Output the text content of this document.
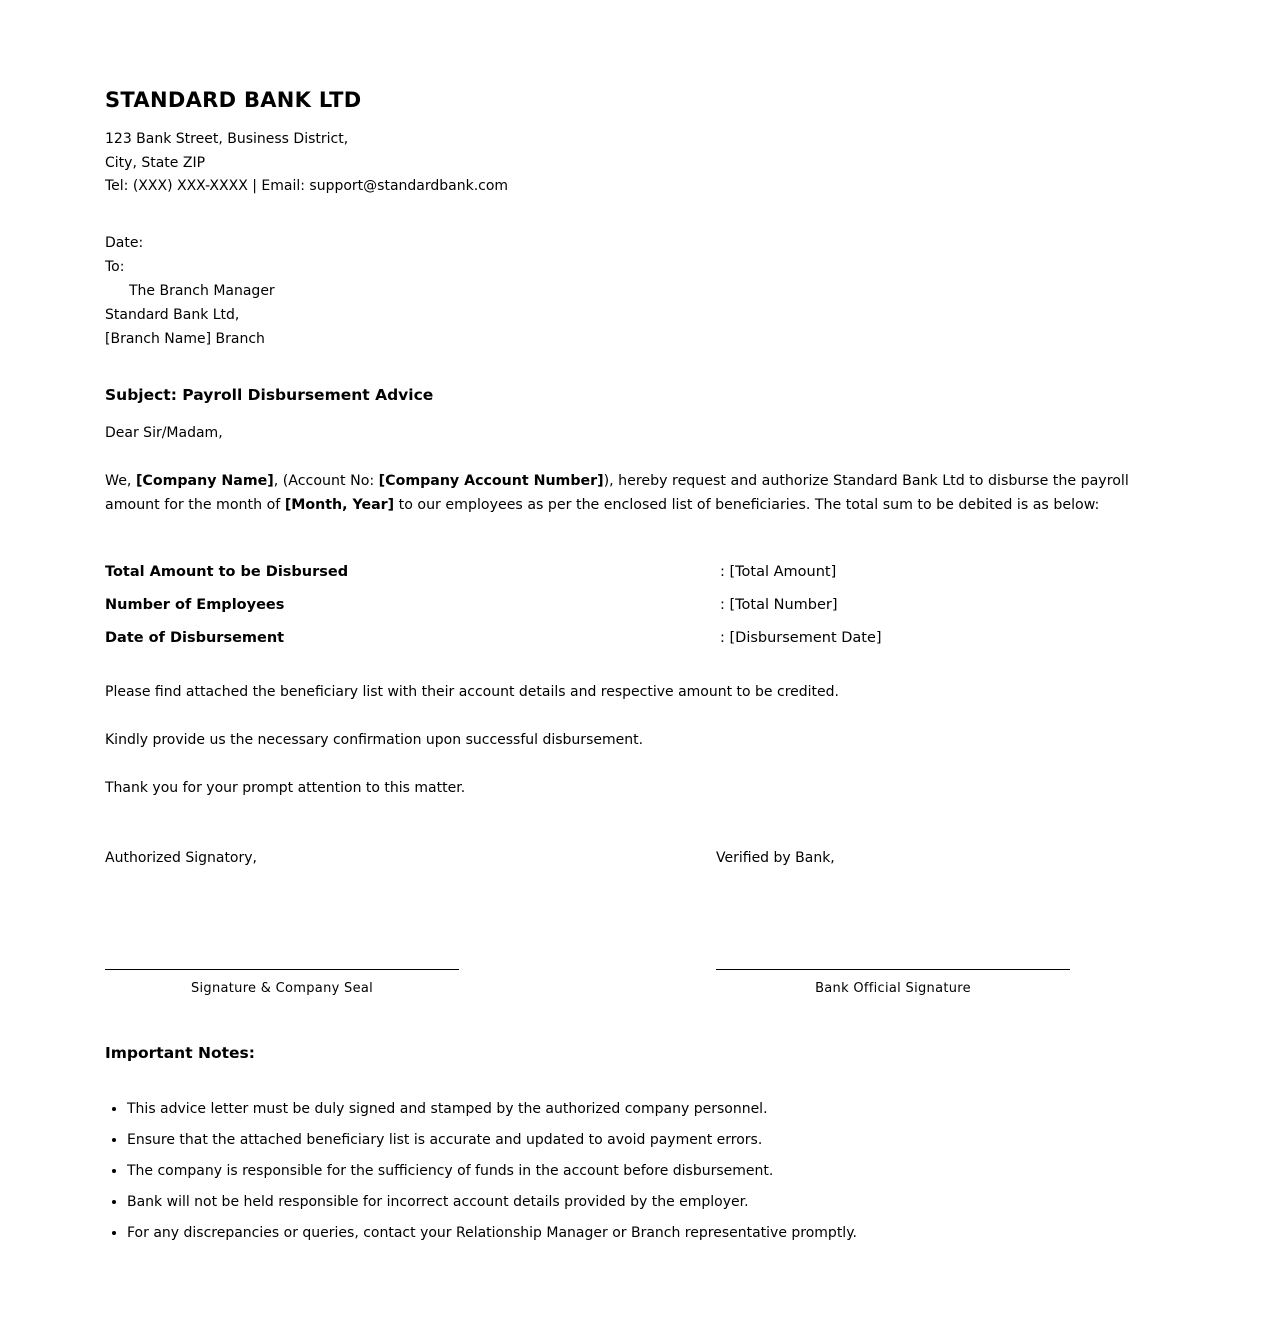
STANDARD BANK LTD
123 Bank Street, Business District,
City, State ZIP
Tel: (XXX) XXX-XXXX | Email: support@standardbank.com
Date:
To:
The Branch Manager
Standard Bank Ltd,
[Branch Name] Branch
Subject: Payroll Disbursement Advice
Dear Sir/Madam,
We, [Company Name], (Account No: [Company Account Number]), hereby request and authorize Standard Bank Ltd to disburse the payroll amount for the month of [Month, Year] to our employees as per the enclosed list of beneficiaries. The total sum to be debited is as below:
Total Amount to be Disbursed	: [Total Amount]
Number of Employees	: [Total Number]
Date of Disbursement	: [Disbursement Date]
Please find attached the beneficiary list with their account details and respective amount to be credited.
Kindly provide us the necessary confirmation upon successful disbursement.
Thank you for your prompt attention to this matter.
Authorized Signatory,	Verified by Bank,
Signature & Company Seal	Bank Official Signature
Important Notes:
• This advice letter must be duly signed and stamped by the authorized company personnel.
• Ensure that the attached beneficiary list is accurate and updated to avoid payment errors.
• The company is responsible for the sufficiency of funds in the account before disbursement.
• Bank will not be held responsible for incorrect account details provided by the employer.
• For any discrepancies or queries, contact your Relationship Manager or Branch representative promptly.
